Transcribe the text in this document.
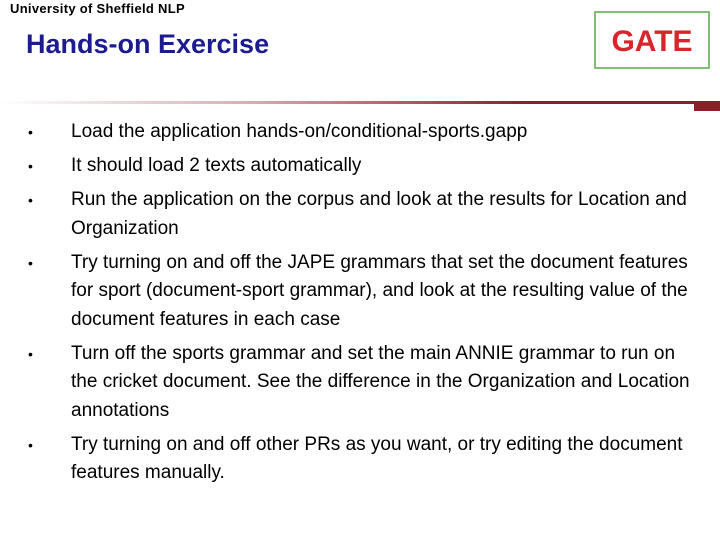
University of Sheffield NLP
Hands-on Exercise	GATE
•	Load the application hands-on/conditional-sports.gapp
•	It should load 2 texts automatically
•	Run the application on the corpus and look at the results for Location and Organization
•	Try turning on and off the JAPE grammars that set the document features for sport (document-sport grammar), and look at the resulting value of the document features in each case
•	Turn off the sports grammar and set the main ANNIE grammar to run on the cricket document. See the difference in the Organization and Location annotations
•	Try turning on and off other PRs as you want, or try editing the document features manually.
